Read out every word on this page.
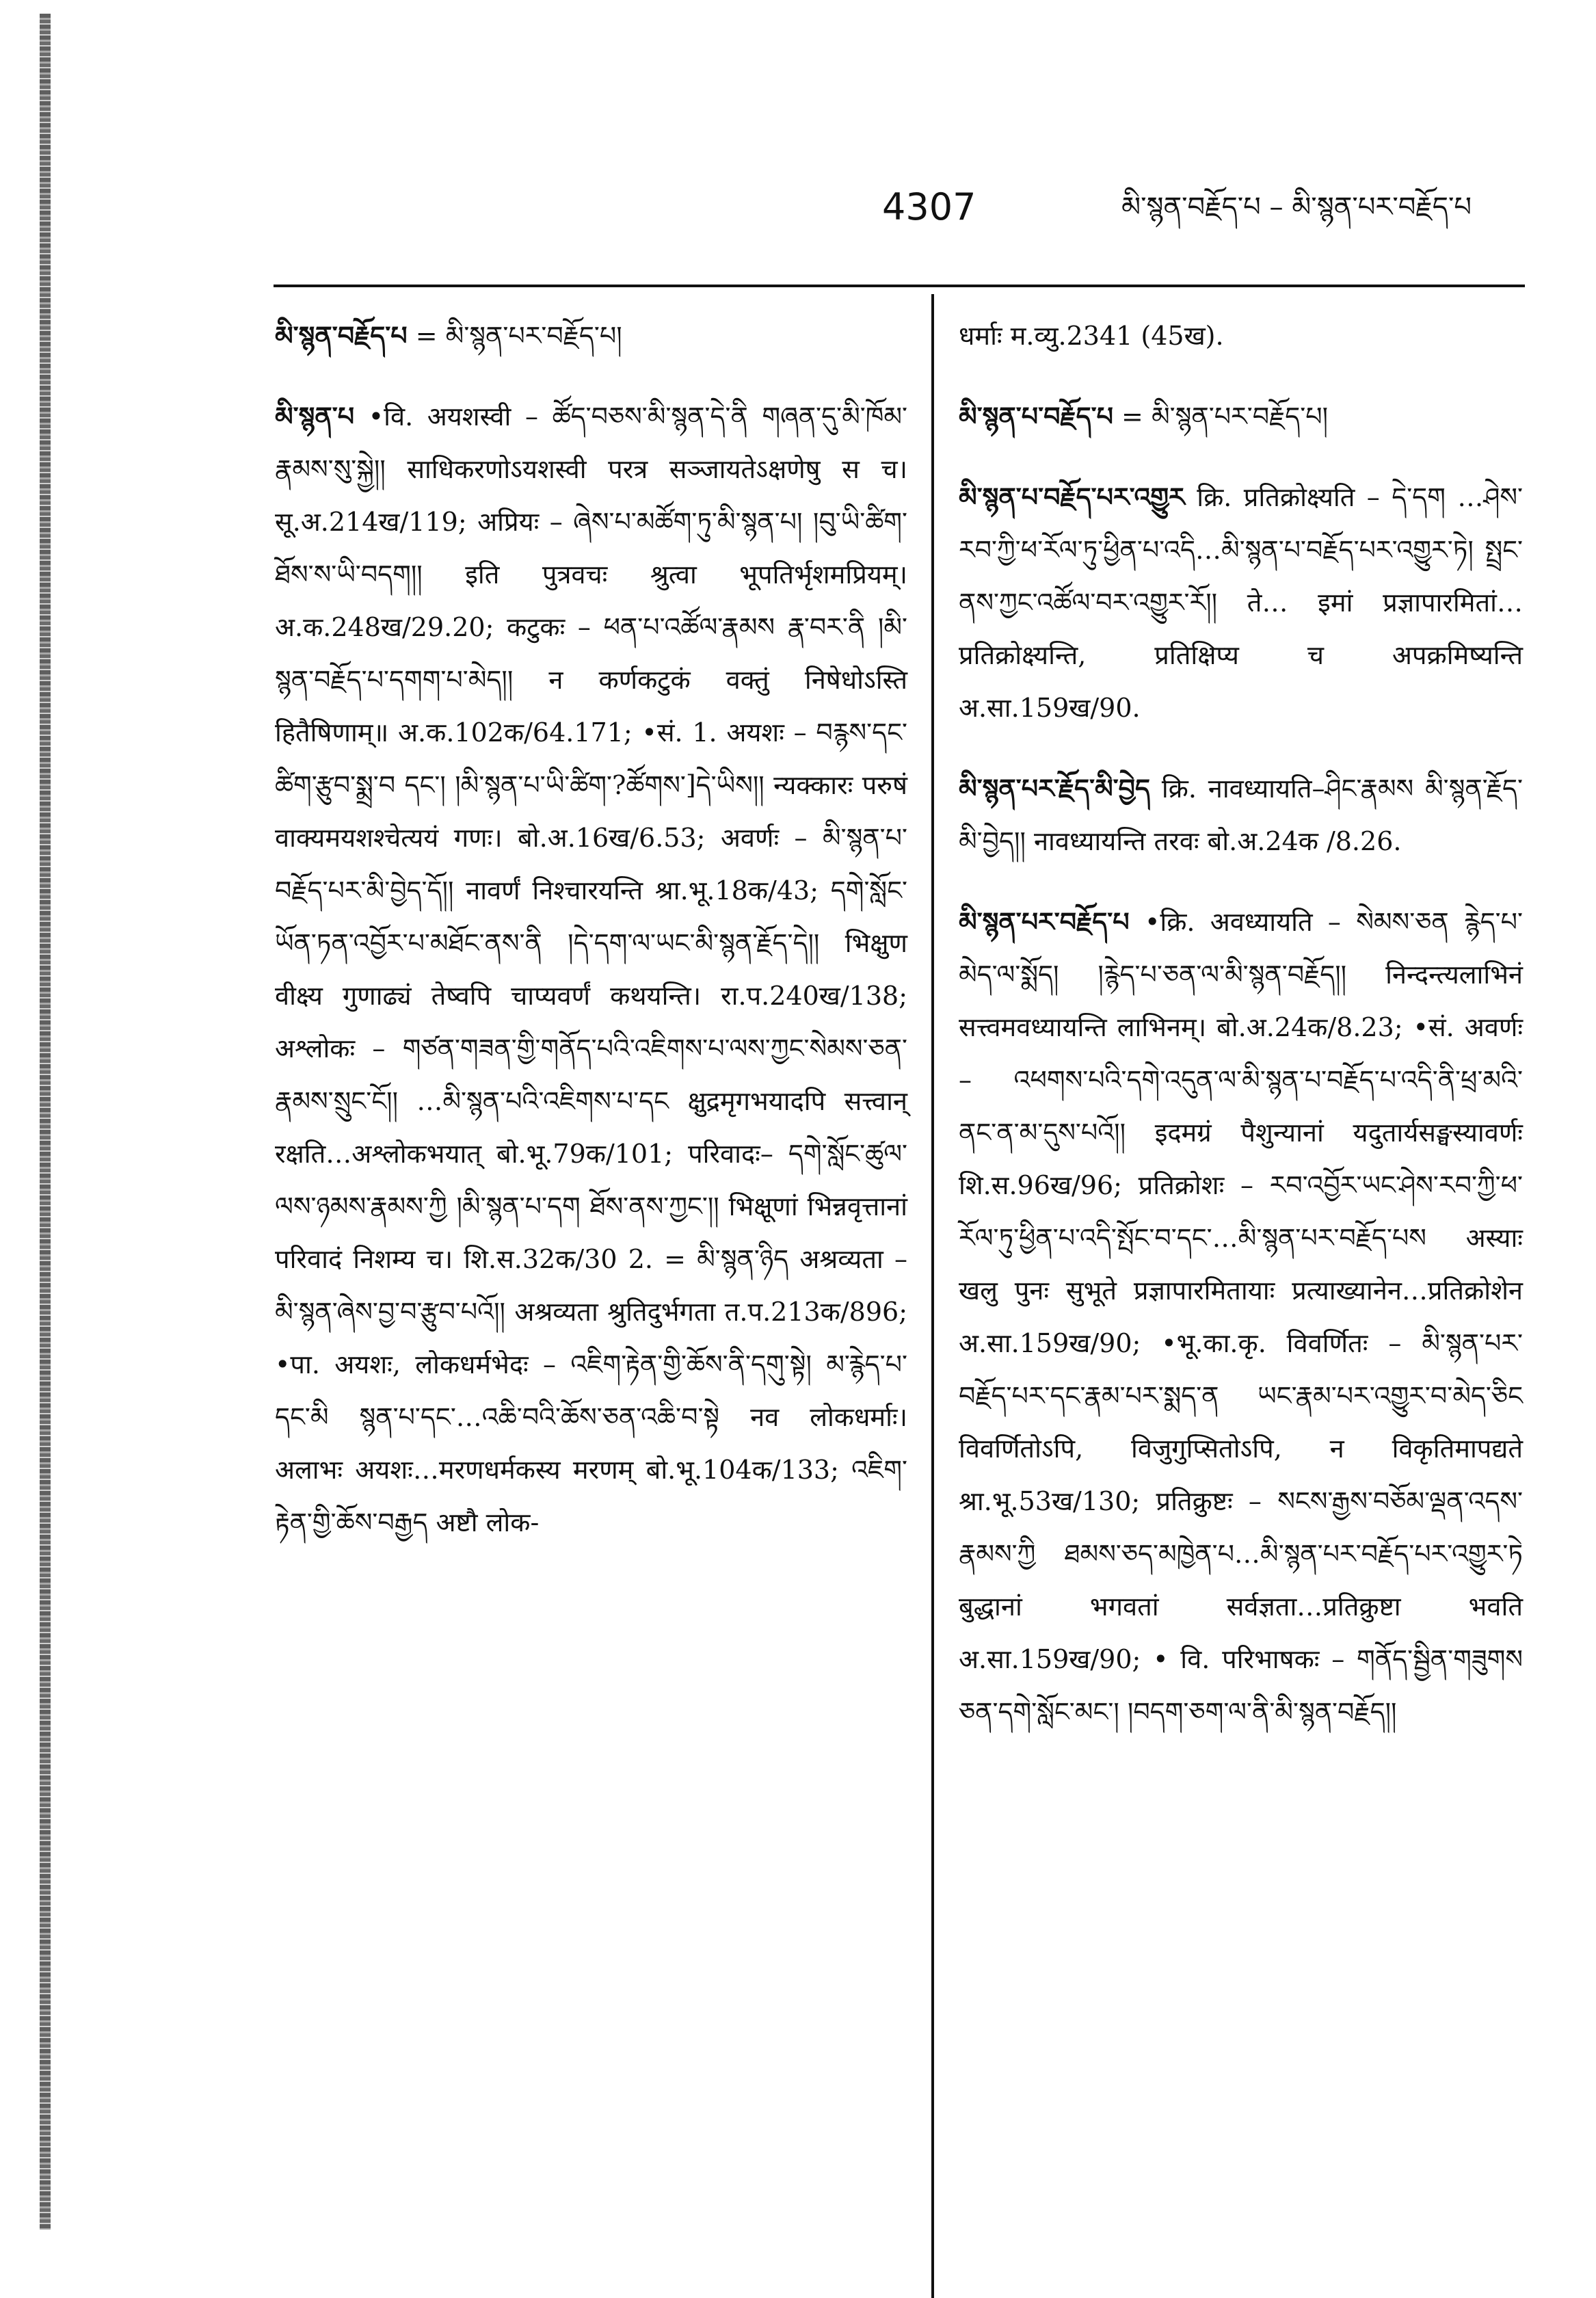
4307	མི་སྙན་བརྗོད་པ – མི་སྙན་པར་བརྗོད་པ

མི་སྙན་བརྗོད་པ = མི་སྙན་པར་བརྗོད་པ།

མི་སྙན་པ •वि. अयशस्वी – ཚོད་བཅས་མི་སྙན་དེ་ནི གཞན་དུ་མི་ཁོམ་རྣམས་སུ་སྐྱེ།། साधिकरणोऽयशस्वी परत्र सञ्जायतेऽक्षणेषु स च। सू.अ.214ख/119; अप्रियः – ཞེས་པ་མཚོག་ཏུ་མི་སྙན་པ། །བུ་ཡི་ཚིག་ཐོས་ས་ཡི་བདག།། इति पुत्रवचः श्रुत्वा भूपतिर्भृशमप्रियम्। अ.क.248ख/29.20; कटुकः – ཕན་པ་འཚོལ་རྣམས རྣ་བར་ནི །མི་སྙན་བརྗོད་པ་དགག་པ་མེད།། न कर्णकटुकं वक्तुं निषेधोऽस्ति हितैषिणाम्॥ अ.क.102क/64.171; •सं. 1. अयशः – བརྙས་དང་ཚིག་རྩུབ་སྨྲ་བ དང་། །མི་སྙན་པ་ཡི་ཚིག་?ཚོགས་]དེ་ཡིས།། न्यक्कारः परुषं वाक्यमयशश्चेत्ययं गणः। बो.अ.16ख/6.53; अवर्णः – མི་སྙན་པ་བརྗོད་པར་མི་བྱེད་དོ།། नावर्णं निश्चारयन्ति श्रा.भू.18क/43; དགེ་སློང་ཡོན་ཏན་འབྱོར་པ་མཐོང་ནས་ནི །དེ་དག་ལ་ཡང་མི་སྙན་རྗོད་དེ།། भिक्षुण वीक्ष्य गुणाढ्यं तेष्वपि चाप्यवर्णं कथयन्ति। रा.प.240ख/138; अश्लोकः – གཙན་གཟན་གྱི་གནོད་པའི་འཇིགས་པ་ལས་ཀྱང་སེམས་ཅན་རྣམས་སྲུང་ངོ།། …མི་སྙན་པའི་འཇིགས་པ་དང क्षुद्रमृगभयादपि सत्त्वान् रक्षति…अश्लोकभयात् बो.भू.79क/101; परिवादः– དགེ་སློང་ཚུལ་ལས་ཉམས་རྣམས་ཀྱི །མི་སྙན་པ་དག ཐོས་ནས་ཀྱང་།། भिक्षूणां भिन्नवृत्तानां परिवादं निशम्य च। शि.स.32क/30 2. = མི་སྙན་ཉིད अश्रव्यता – མི་སྙན་ཞེས་བྱ་བ་རྩུབ་པའོ།། अश्रव्यता श्रुतिदुर्भगता त.प.213क/896; •पा. अयशः, लोकधर्मभेदः – འཇིག་རྟེན་གྱི་ཆོས་ནི་དགུ་སྟེ། མ་རྙེད་པ་དང་མི སྙན་པ་དང་…འཆི་བའི་ཆོས་ཅན་འཆི་བ་སྟེ नव लोकधर्माः। अलाभः अयशः…मरणधर्मकस्य मरणम् बो.भू.104क/133; འཇིག་རྟེན་གྱི་ཆོས་བརྒྱད अष्टौ लोक-

धर्माः म.व्यु.2341 (45ख).

མི་སྙན་པ་བརྗོད་པ = མི་སྙན་པར་བརྗོད་པ།

མི་སྙན་པ་བརྗོད་པར་འགྱུར क्रि. प्रतिक्रोक्ष्यति – དེ་དག …ཤེས་རབ་ཀྱི་ཕ་རོལ་ཏུ་ཕྱིན་པ་འདི…མི་སྙན་པ་བརྗོད་པར་འགྱུར་ཏེ། སྤྲང་ནས་ཀྱང་འཚོལ་བར་འགྱུར་རོ།། ते… इमां प्रज्ञापारमितां… प्रतिक्रोक्ष्यन्ति, प्रतिक्षिप्य च अपक्रमिष्यन्ति अ.सा.159ख/90.

མི་སྙན་པར་རྗོད་མི་བྱེད क्रि. नावध्यायति–ཤིང་རྣམས མི་སྙན་རྗོད་མི་བྱེད།། नावध्यायन्ति तरवः बो.अ.24क /8.26.

མི་སྙན་པར་བརྗོད་པ •क्रि. अवध्यायति – སེམས་ཅན རྙེད་པ་མེད་ལ་སྨོད། །རྙེད་པ་ཅན་ལ་མི་སྙན་བརྗོད།། निन्दन्त्यलाभिनं सत्त्वमवध्यायन्ति लाभिनम्। बो.अ.24क/8.23; •सं. अवर्णः – འཕགས་པའི་དགེ་འདུན་ལ་མི་སྙན་པ་བརྗོད་པ་འདི་ནི་ཕྲ་མའི་ནང་ན་མ་དུས་པའོ།། इदमग्रं पैशुन्यानां यदुतार्यसङ्घस्यावर्णः शि.स.96ख/96; प्रतिक्रोशः – རབ་འབྱོར་ཡང་ཤེས་རབ་ཀྱི་ཕ་རོལ་ཏུ་ཕྱིན་པ་འདི་སྤོང་བ་དང་…མི་སྙན་པར་བརྗོད་པས अस्याः खलु पुनः सुभूते प्रज्ञापारमितायाः प्रत्याख्यानेन…प्रतिक्रोशेन अ.सा.159ख/90; •भू.का.कृ. विवर्णितः – མི་སྙན་པར་བརྗོད་པར་དང་རྣམ་པར་སྨད་ན ཡང་རྣམ་པར་འགྱུར་བ་མེད་ཅིང विवर्णितोऽपि, विजुगुप्सितोऽपि, न विकृतिमापद्यते श्रा.भू.53ख/130; प्रतिक्रुष्टः – སངས་རྒྱས་བཅོམ་ལྡན་འདས་རྣམས་ཀྱི ཐམས་ཅད་མཁྱེན་པ…མི་སྙན་པར་བརྗོད་པར་འགྱུར་ཏེ बुद्धानां भगवतां सर्वज्ञता…प्रतिक्रुष्टा भवति अ.सा.159ख/90; • वि. परिभाषकः – གནོད་སྦྱིན་གཟུགས ཅན་དགེ་སློང་མང་། །བདག་ཅག་ལ་ནི་མི་སྙན་བརྗོད།།
